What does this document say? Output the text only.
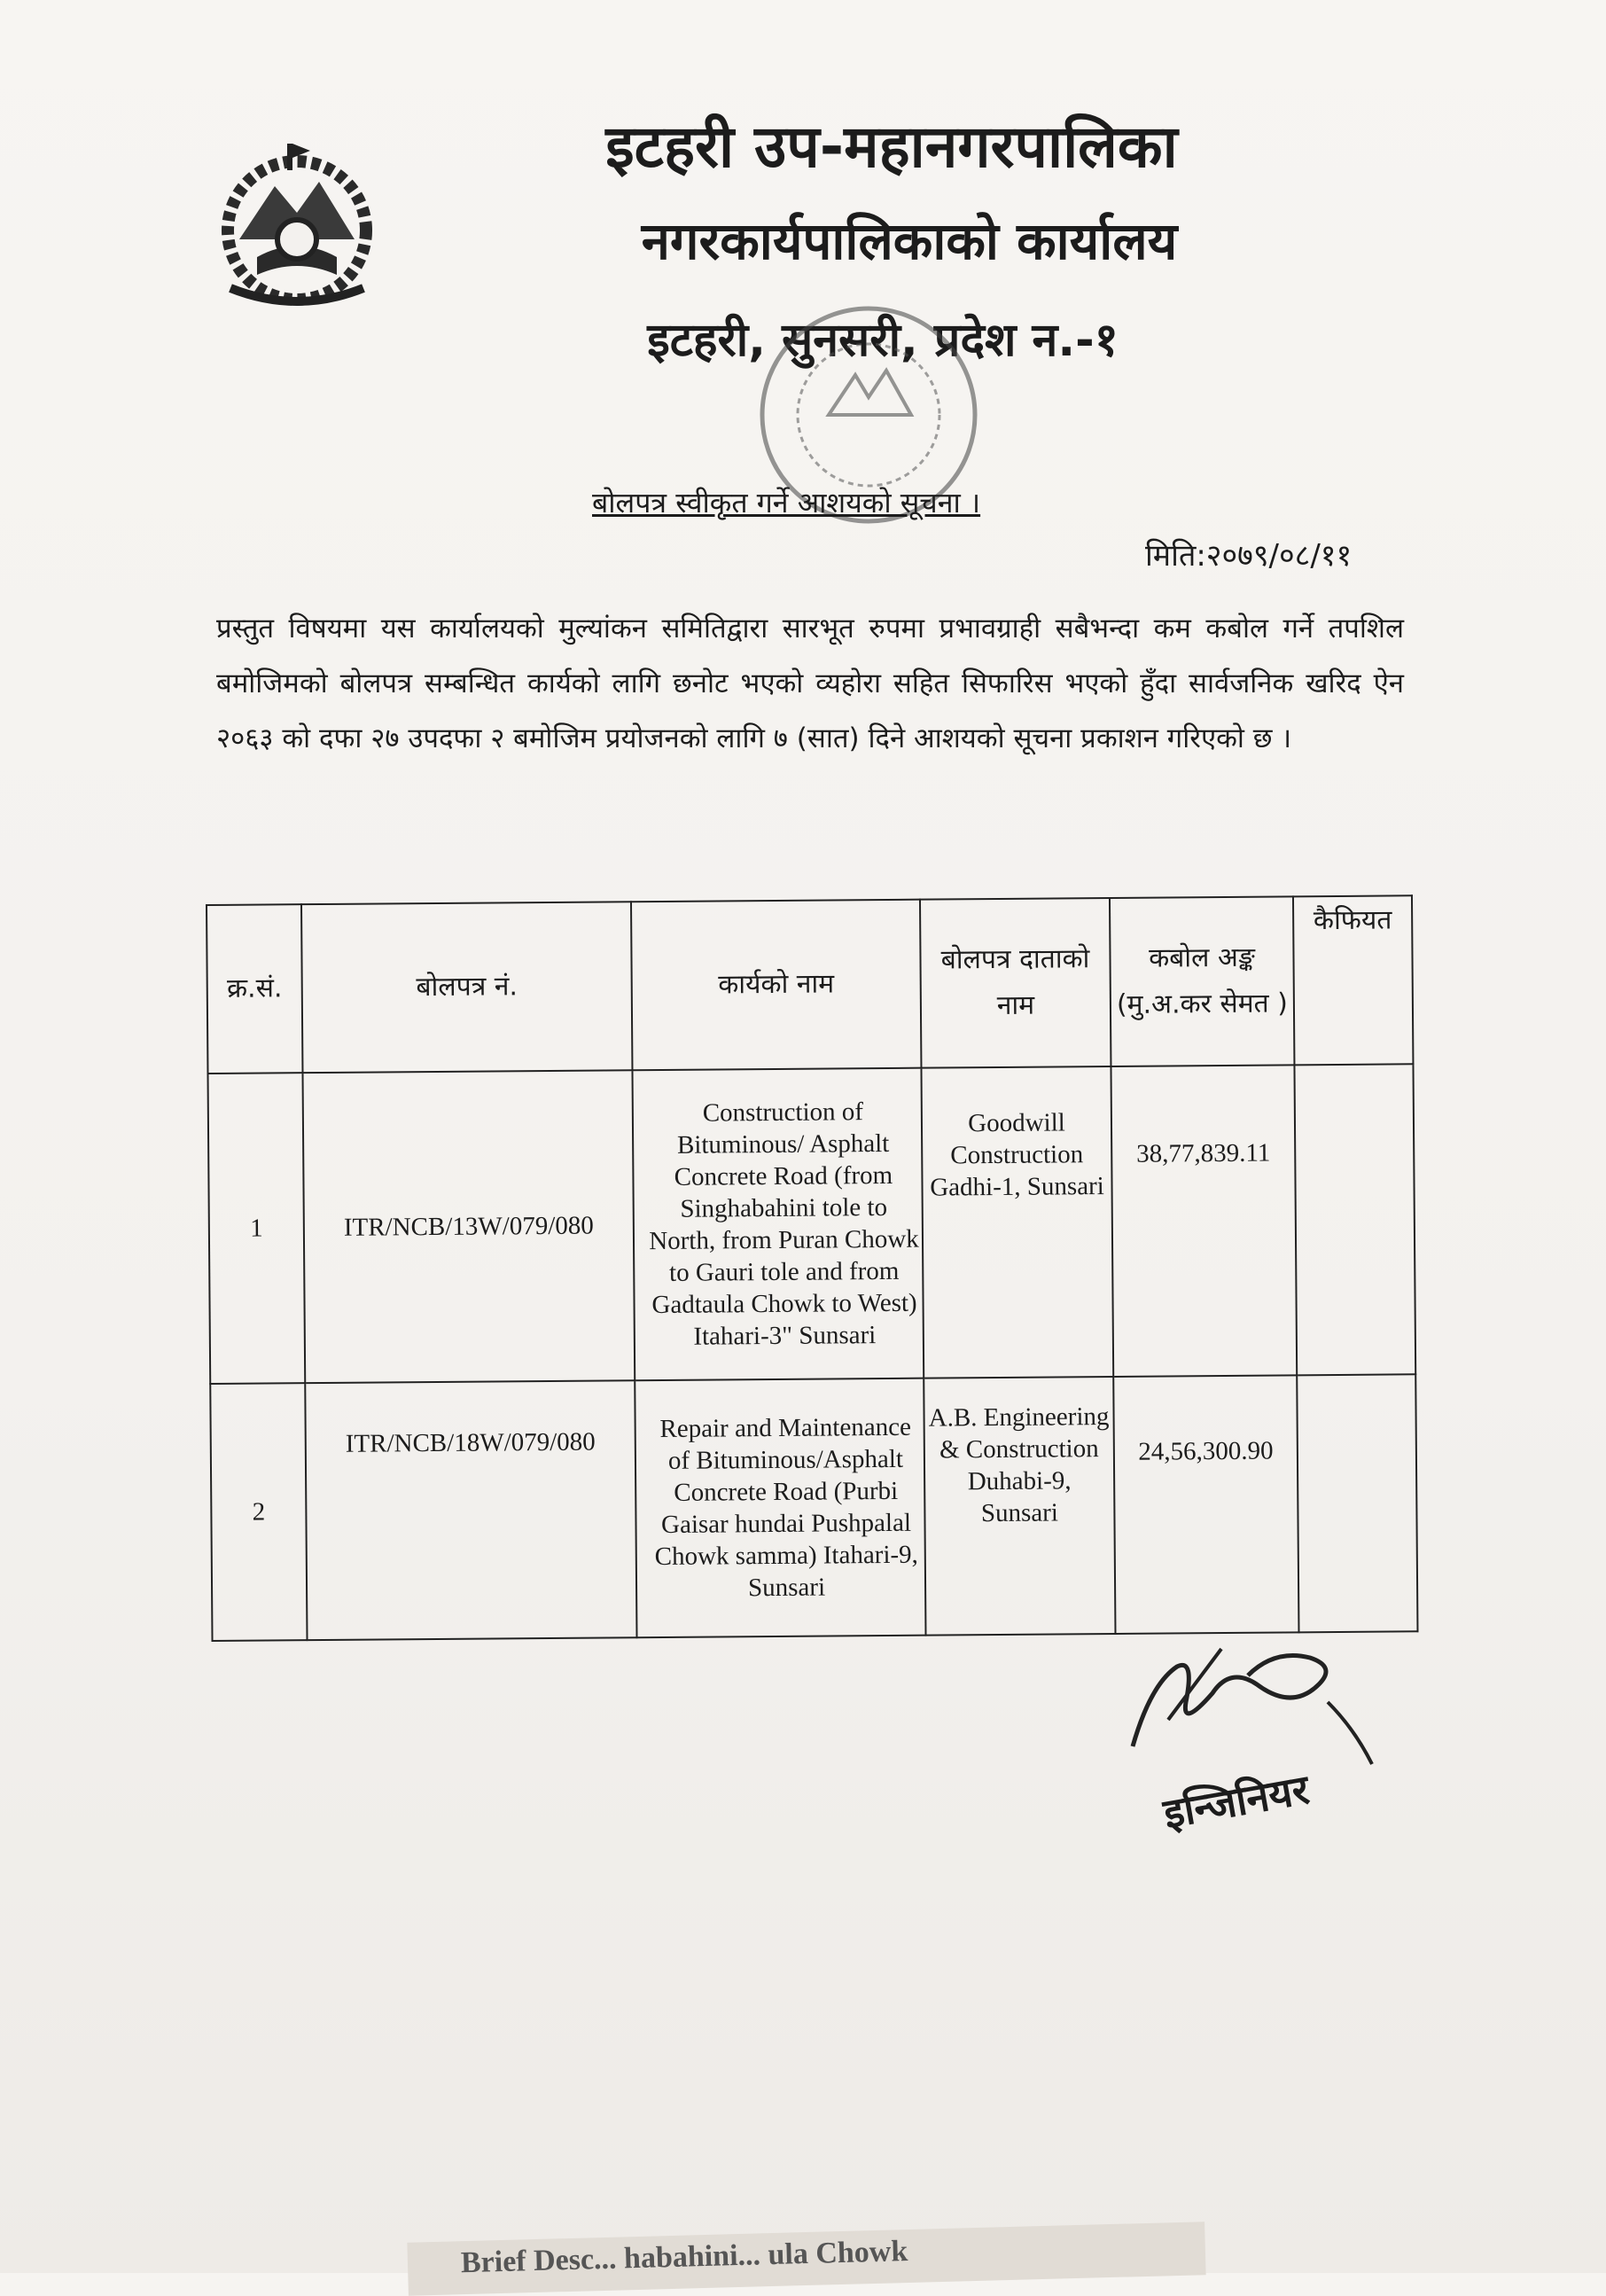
इटहरी उप-महानगरपालिका
नगरकार्यपालिकाको कार्यालय
इटहरी, सुनसरी, प्रदेश न.-१
बोलपत्र स्वीकृत गर्ने आशयको सूचना ।
मिति:२०७९/०८/११
प्रस्तुत विषयमा यस कार्यालयको मुल्यांकन समितिद्वारा सारभूत रुपमा प्रभावग्राही सबैभन्दा कम कबोल गर्ने तपशिल बमोजिमको बोलपत्र सम्बन्धित कार्यको लागि छनोट भएको व्यहोरा सहित सिफारिस भएको हुँदा सार्वजनिक खरिद ऐन २०६३ को दफा २७ उपदफा २ बमोजिम प्रयोजनको लागि ७ (सात) दिने आशयको सूचना प्रकाशन गरिएको छ ।
क्र.सं.	बोलपत्र नं.	कार्यको नाम	बोलपत्र दाताको नाम	कबोल अङ्क (मु.अ.कर सेमत )	कैफियत
1	ITR/NCB/13W/079/080	Construction of Bituminous/ Asphalt Concrete Road (from Singhabahini tole to North, from Puran Chowk to Gauri tole and from Gadtaula Chowk to West) Itahari-3" Sunsari	Goodwill Construction Gadhi-1, Sunsari	38,77,839.11	
2	ITR/NCB/18W/079/080	Repair and Maintenance of Bituminous/Asphalt Concrete Road (Purbi Gaisar hundai Pushpalal Chowk samma) Itahari-9, Sunsari	A.B. Engineering & Construction Duhabi-9, Sunsari	24,56,300.90	
इन्जिनियर
Brief Desc... habahini... ula Chowk
